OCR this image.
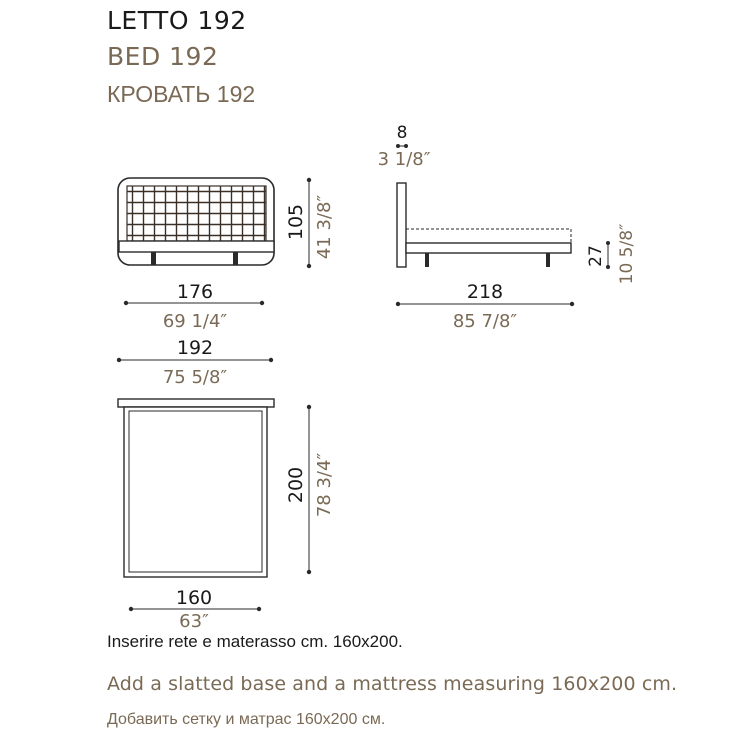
LETTO 192
BED 192
КРОВАТЬ 192
176
69 1/4″
105 41 3/8″
8
3 1/8″
218
85 7/8″
27 10 5/8″
192
75 5/8″
200 78 3/4″
160
63″

Inserire rete e materasso cm. 160x200.

Add a slatted base and a mattress measuring 160x200 cm.

Добавить сетку и матрас 160x200 см.
